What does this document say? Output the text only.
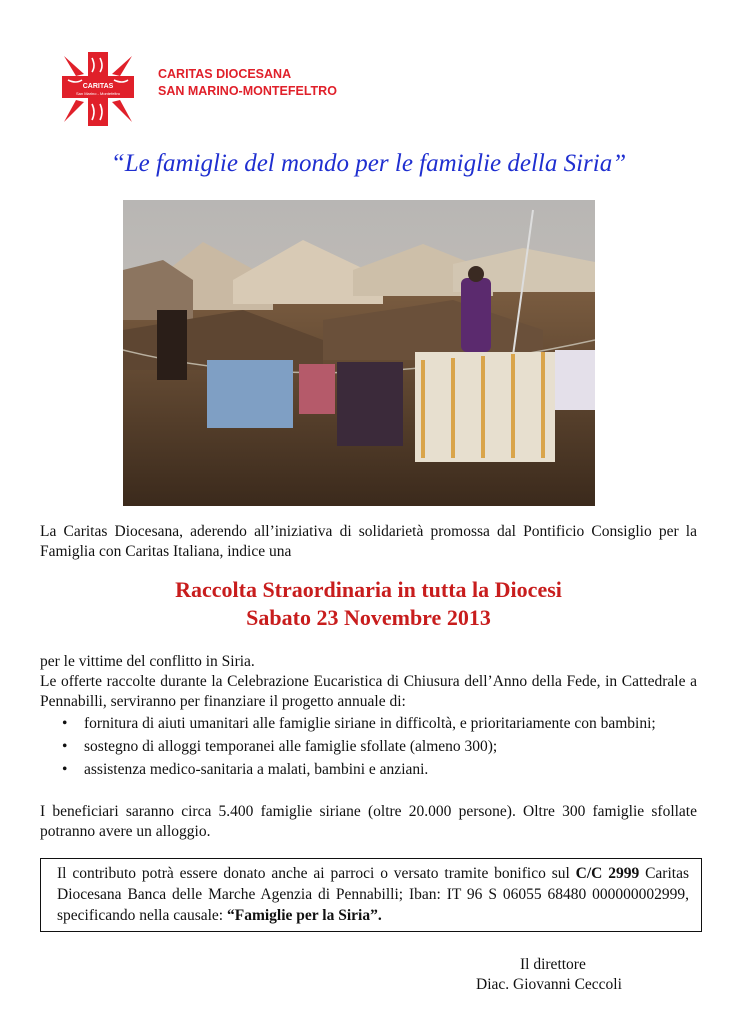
CARITAS
San Marino - Montefeltro
CARITAS DIOCESANA
SAN MARINO-MONTEFELTRO
“Le famiglie del mondo per le famiglie della Siria”
La Caritas Diocesana, aderendo all’iniziativa di solidarietà promossa dal Pontificio Consiglio per la Famiglia con Caritas Italiana, indice una
Raccolta Straordinaria in tutta la Diocesi
Sabato 23 Novembre 2013
per le vittime del conflitto in Siria.
Le offerte raccolte durante la Celebrazione Eucaristica di Chiusura dell’Anno della Fede, in Cattedrale a Pennabilli, serviranno per finanziare il progetto annuale di:
• fornitura di aiuti umanitari alle famiglie siriane in difficoltà, e prioritariamente con bambini;
• sostegno di alloggi temporanei alle famiglie sfollate (almeno 300);
• assistenza medico-sanitaria a malati, bambini e anziani.
I beneficiari saranno circa 5.400 famiglie siriane (oltre 20.000 persone). Oltre 300 famiglie sfollate potranno avere un alloggio.
Il contributo potrà essere donato anche ai parroci o versato tramite bonifico sul C/C 2999 Caritas Diocesana Banca delle Marche Agenzia di Pennabilli; Iban: IT 96 S 06055 68480 000000002999, specificando nella causale: “Famiglie per la Siria”.
Il direttore
Diac. Giovanni Ceccoli
